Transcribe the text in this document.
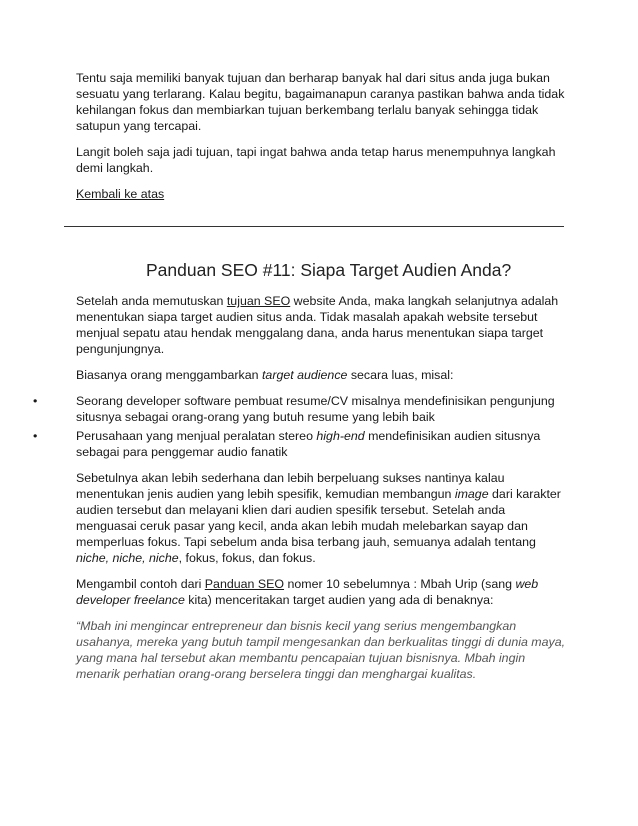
Tentu saja memiliki banyak tujuan dan berharap banyak hal dari situs anda juga bukan sesuatu yang terlarang. Kalau begitu, bagaimanapun caranya pastikan bahwa anda tidak kehilangan fokus dan membiarkan tujuan berkembang terlalu banyak sehingga tidak satupun yang tercapai.

Langit boleh saja jadi tujuan, tapi ingat bahwa anda tetap harus menempuhnya langkah demi langkah.

Kembali ke atas

Panduan SEO #11: Siapa Target Audien Anda?

Setelah anda memutuskan tujuan SEO website Anda, maka langkah selanjutnya adalah menentukan siapa target audien situs anda. Tidak masalah apakah website tersebut menjual sepatu atau hendak menggalang dana, anda harus menentukan siapa target pengunjungnya.

Biasanya orang menggambarkan target audience secara luas, misal:

•	Seorang developer software pembuat resume/CV misalnya mendefinisikan pengunjung situsnya sebagai orang-orang yang butuh resume yang lebih baik
•	Perusahaan yang menjual peralatan stereo high-end mendefinisikan audien situsnya sebagai para penggemar audio fanatik

Sebetulnya akan lebih sederhana dan lebih berpeluang sukses nantinya kalau menentukan jenis audien yang lebih spesifik, kemudian membangun image dari karakter audien tersebut dan melayani klien dari audien spesifik tersebut. Setelah anda menguasai ceruk pasar yang kecil, anda akan lebih mudah melebarkan sayap dan memperluas fokus. Tapi sebelum anda bisa terbang jauh, semuanya adalah tentang niche, niche, niche, fokus, fokus, dan fokus.

Mengambil contoh dari Panduan SEO nomer 10 sebelumnya : Mbah Urip (sang web developer freelance kita) menceritakan target audien yang ada di benaknya:

“Mbah ini mengincar entrepreneur dan bisnis kecil yang serius mengembangkan usahanya, mereka yang butuh tampil mengesankan dan berkualitas tinggi di dunia maya, yang mana hal tersebut akan membantu pencapaian tujuan bisnisnya. Mbah ingin menarik perhatian orang-orang berselera tinggi dan menghargai kualitas.
